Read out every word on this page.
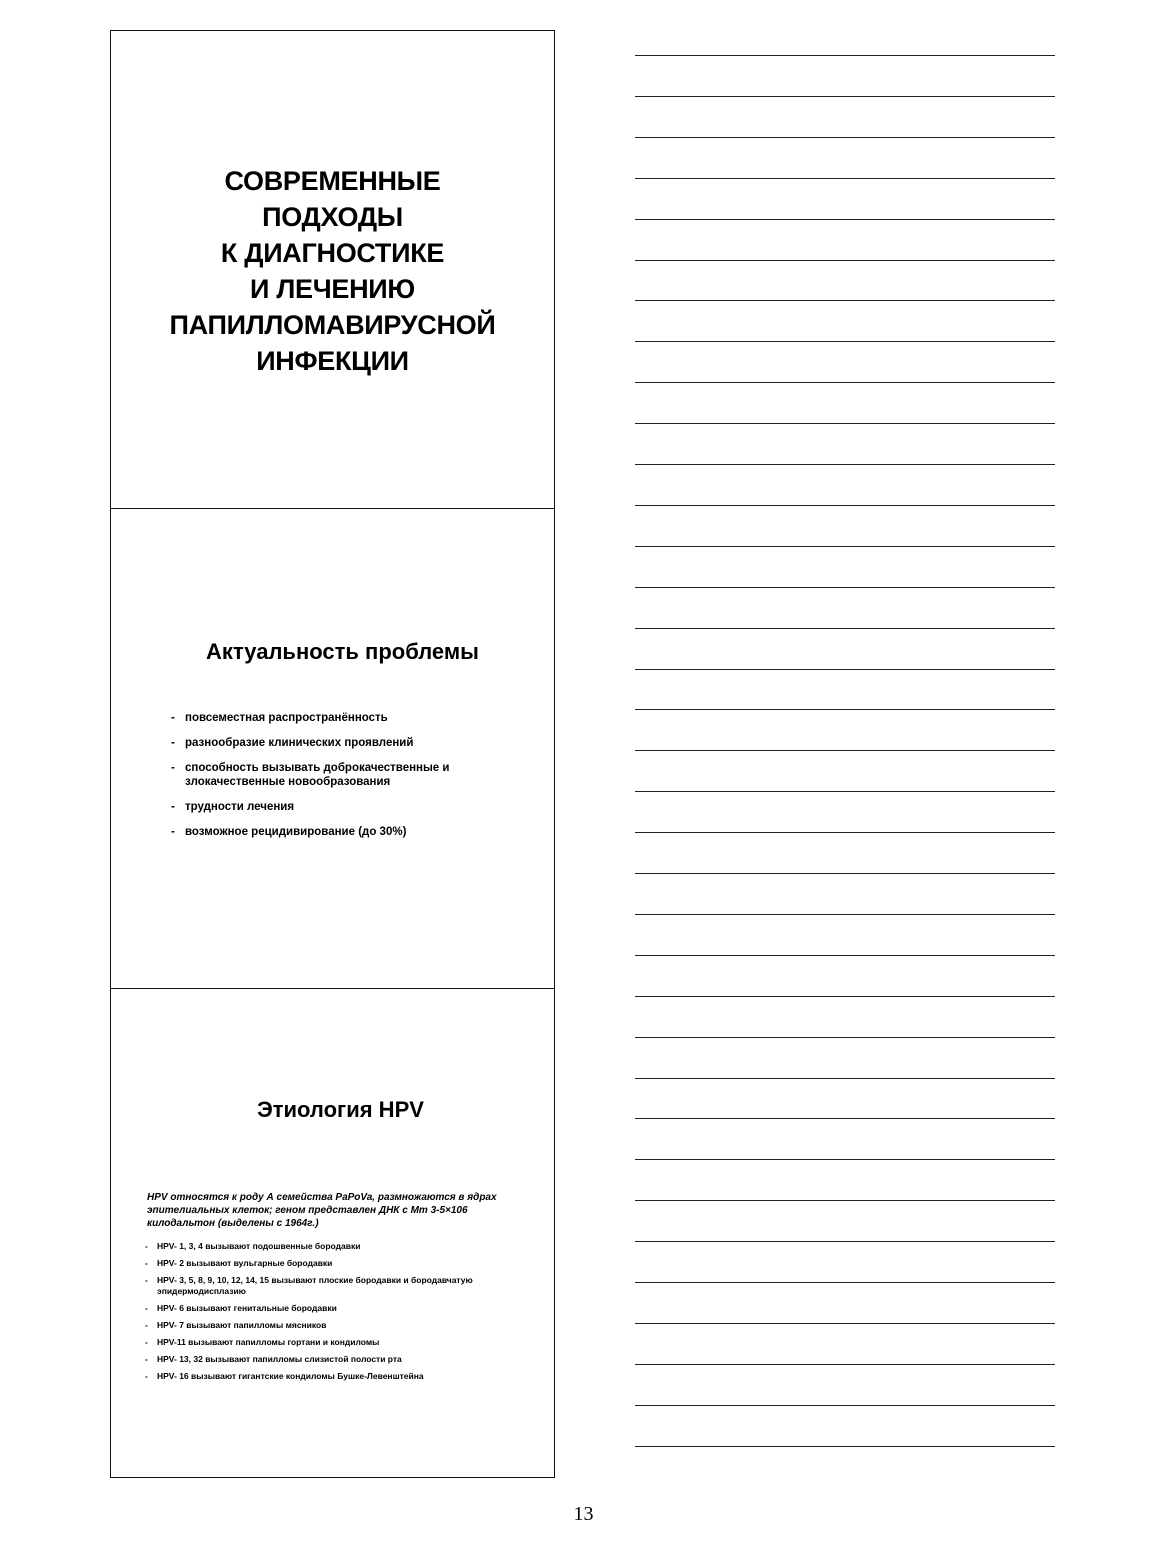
СОВРЕМЕННЫЕ
ПОДХОДЫ
К ДИАГНОСТИКЕ
И ЛЕЧЕНИЮ
ПАПИЛЛОМАВИРУСНОЙ
ИНФЕКЦИИ
Актуальность проблемы
- повсеместная распространённость
- разнообразие клинических проявлений
- способность вызывать доброкачественные и злокачественные новообразования
- трудности лечения
- возможное рецидивирование (до 30%)
Этиология HPV
HPV относятся к роду А семейства PaPoVa, размножаются в ядрах эпителиальных клеток; геном представлен ДНК с Мm 3-5×106 килодальтон (выделены с 1964г.)
- HPV- 1, 3, 4 вызывают подошвенные бородавки
- HPV- 2 вызывают вульгарные бородавки
- HPV- 3, 5, 8, 9, 10, 12, 14, 15 вызывают плоские бородавки и бородавчатую эпидермодисплазию
- HPV- 6 вызывают генитальные бородавки
- HPV- 7 вызывают папилломы мясников
- HPV-11 вызывают папилломы гортани и кондиломы
- HPV- 13, 32 вызывают папилломы слизистой полости рта
- HPV- 16 вызывают гигантские кондиломы Бушке-Левенштейна
13
